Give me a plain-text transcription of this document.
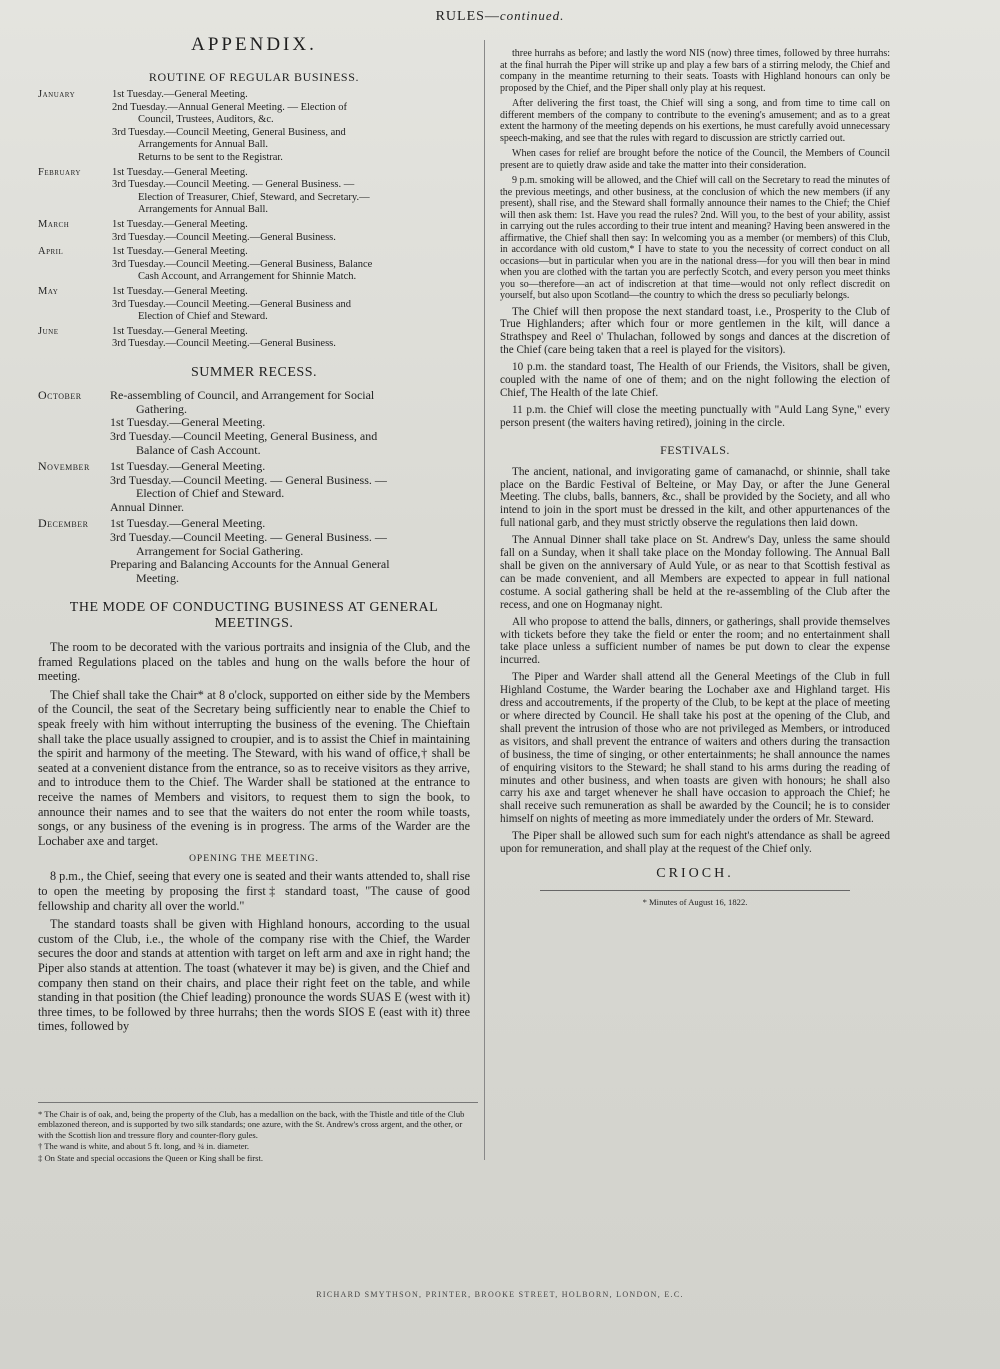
RULES—continued.
APPENDIX.
ROUTINE OF REGULAR BUSINESS.
January	1st Tuesday.—General Meeting.
2nd Tuesday.—Annual General Meeting. — Election of
Council, Trustees, Auditors, &c.
3rd Tuesday.—Council Meeting, General Business, and
Arrangements for Annual Ball.
Returns to be sent to the Registrar.
February	1st Tuesday.—General Meeting.
3rd Tuesday.—Council Meeting. — General Business. —
Election of Treasurer, Chief, Steward, and Secretary.—
Arrangements for Annual Ball.
March	1st Tuesday.—General Meeting.
3rd Tuesday.—Council Meeting.—General Business.
April	1st Tuesday.—General Meeting.
3rd Tuesday.—Council Meeting.—General Business, Balance
Cash Account, and Arrangement for Shinnie Match.
May	1st Tuesday.—General Meeting.
3rd Tuesday.—Council Meeting.—General Business and
Election of Chief and Steward.
June	1st Tuesday.—General Meeting.
3rd Tuesday.—Council Meeting.—General Business.
SUMMER RECESS.
October	Re-assembling of Council, and Arrangement for Social
Gathering.
1st Tuesday.—General Meeting.
3rd Tuesday.—Council Meeting, General Business, and
Balance of Cash Account.
November	1st Tuesday.—General Meeting.
3rd Tuesday.—Council Meeting. — General Business. —
Election of Chief and Steward.
Annual Dinner.
December	1st Tuesday.—General Meeting.
3rd Tuesday.—Council Meeting. — General Business. —
Arrangement for Social Gathering.
Preparing and Balancing Accounts for the Annual General
Meeting.
THE MODE OF CONDUCTING BUSINESS AT GENERAL MEETINGS.

The room to be decorated with the various portraits and insignia of the Club, and the framed Regulations placed on the tables and hung on the walls before the hour of meeting.

The Chief shall take the Chair* at 8 o'clock, supported on either side by the Members of the Council, the seat of the Secretary being sufficiently near to enable the Chief to speak freely with him without interrupting the business of the evening. The Chieftain shall take the place usually assigned to croupier, and is to assist the Chief in maintaining the spirit and harmony of the meeting. The Steward, with his wand of office,† shall be seated at a convenient distance from the entrance, so as to receive visitors as they arrive, and to introduce them to the Chief. The Warder shall be stationed at the entrance to receive the names of Members and visitors, to request them to sign the book, to announce their names and to see that the waiters do not enter the room while toasts, songs, or any business of the evening is in progress. The arms of the Warder are the Lochaber axe and target.

OPENING THE MEETING.

8 p.m., the Chief, seeing that every one is seated and their wants attended to, shall rise to open the meeting by proposing the first‡ standard toast, "The cause of good fellowship and charity all over the world."

The standard toasts shall be given with Highland honours, according to the usual custom of the Club, i.e., the whole of the company rise with the Chief, the Warder secures the door and stands at attention with target on left arm and axe in right hand; the Piper also stands at attention. The toast (whatever it may be) is given, and the Chief and company then stand on their chairs, and place their right feet on the table, and while standing in that position (the Chief leading) pronounce the words SUAS E (west with it) three times, to be followed by three hurrahs; then the words SIOS E (east with it) three times, followed by

* The Chair is of oak, and, being the property of the Club, has a medallion on the back, with the Thistle and title of the Club emblazoned thereon, and is supported by two silk standards; one azure, with the St. Andrew's cross argent, and the other, or with the Scottish lion and tressure flory and counter-flory gules.
† The wand is white, and about 5 ft. long, and ¾ in. diameter.
‡ On State and special occasions the Queen or King shall be first.

three hurrahs as before; and lastly the word NIS (now) three times, followed by three hurrahs: at the final hurrah the Piper will strike up and play a few bars of a stirring melody, the Chief and company in the meantime returning to their seats. Toasts with Highland honours can only be proposed by the Chief, and the Piper shall only play at his request.

After delivering the first toast, the Chief will sing a song, and from time to time call on different members of the company to contribute to the evening's amusement; and as to a great extent the harmony of the meeting depends on his exertions, he must carefully avoid unnecessary speech-making, and see that the rules with regard to discussion are strictly carried out.

When cases for relief are brought before the notice of the Council, the Members of Council present are to quietly draw aside and take the matter into their consideration.

9 p.m. smoking will be allowed, and the Chief will call on the Secretary to read the minutes of the previous meetings, and other business, at the conclusion of which the new members (if any present), shall rise, and the Steward shall formally announce their names to the Chief; the Chief will then ask them: 1st. Have you read the rules? 2nd. Will you, to the best of your ability, assist in carrying out the rules according to their true intent and meaning? Having been answered in the affirmative, the Chief shall then say: In welcoming you as a member (or members) of this Club, in accordance with old custom,* I have to state to you the necessity of correct conduct on all occasions—but in particular when you are in the national dress—for you will then bear in mind when you are clothed with the tartan you are perfectly Scotch, and every person you meet thinks you so—therefore—an act of indiscretion at that time—would not only reflect discredit on yourself, but also upon Scotland—the country to which the dress so peculiarly belongs.

The Chief will then propose the next standard toast, i.e., Prosperity to the Club of True Highlanders; after which four or more gentlemen in the kilt, will dance a Strathspey and Reel o' Thulachan, followed by songs and dances at the discretion of the Chief (care being taken that a reel is played for the visitors).

10 p.m. the standard toast, The Health of our Friends, the Visitors, shall be given, coupled with the name of one of them; and on the night following the election of Chief, The Health of the late Chief.

11 p.m. the Chief will close the meeting punctually with "Auld Lang Syne," every person present (the waiters having retired), joining in the circle.

FESTIVALS.

The ancient, national, and invigorating game of camanachd, or shinnie, shall take place on the Bardic Festival of Belteine, or May Day, or after the June General Meeting. The clubs, balls, banners, &c., shall be provided by the Society, and all who intend to join in the sport must be dressed in the kilt, and other appurtenances of the full national garb, and they must strictly observe the regulations then laid down.

The Annual Dinner shall take place on St. Andrew's Day, unless the same should fall on a Sunday, when it shall take place on the Monday following. The Annual Ball shall be given on the anniversary of Auld Yule, or as near to that Scottish festival as can be made convenient, and all Members are expected to appear in full national costume. A social gathering shall be held at the re-assembling of the Club after the recess, and one on Hogmanay night.

All who propose to attend the balls, dinners, or gatherings, shall provide themselves with tickets before they take the field or enter the room; and no entertainment shall take place unless a sufficient number of names be put down to clear the expense incurred.

The Piper and Warder shall attend all the General Meetings of the Club in full Highland Costume, the Warder bearing the Lochaber axe and Highland target. His dress and accoutrements, if the property of the Club, to be kept at the place of meeting or where directed by Council. He shall take his post at the opening of the Club, and shall prevent the intrusion of those who are not privileged as Members, or introduced as visitors, and shall prevent the entrance of waiters and others during the transaction of business, the time of singing, or other entertainments; he shall announce the names of enquiring visitors to the Steward; he shall stand to his arms during the reading of minutes and other business, and when toasts are given with honours; he shall also carry his axe and target whenever he shall have occasion to approach the Chief; he shall receive such remuneration as shall be awarded by the Council; he is to consider himself on nights of meeting as more immediately under the orders of Mr. Steward.

The Piper shall be allowed such sum for each night's attendance as shall be agreed upon for remuneration, and shall play at the request of the Chief only.

CRIOCH.
* Minutes of August 16, 1822.
RICHARD SMYTHSON, PRINTER, BROOKE STREET, HOLBORN, LONDON, E.C.
